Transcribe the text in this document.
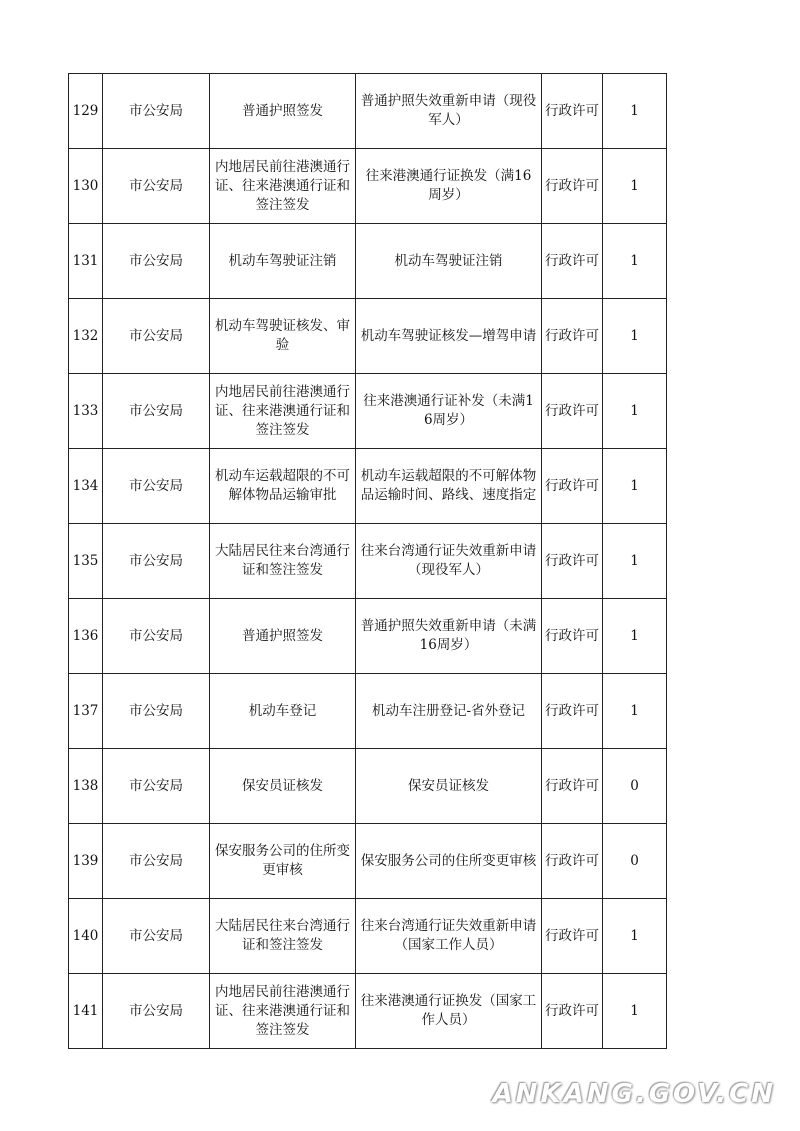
129	市公安局	普通护照签发	普通护照失效重新申请（现役军人）	行政许可	1
130	市公安局	内地居民前往港澳通行证、往来港澳通行证和签注签发	往来港澳通行证换发（满16周岁）	行政许可	1
131	市公安局	机动车驾驶证注销	机动车驾驶证注销	行政许可	1
132	市公安局	机动车驾驶证核发、审验	机动车驾驶证核发—增驾申请	行政许可	1
133	市公安局	内地居民前往港澳通行证、往来港澳通行证和签注签发	往来港澳通行证补发（未满16周岁）	行政许可	1
134	市公安局	机动车运载超限的不可解体物品运输审批	机动车运载超限的不可解体物品运输时间、路线、速度指定	行政许可	1
135	市公安局	大陆居民往来台湾通行证和签注签发	往来台湾通行证失效重新申请（现役军人）	行政许可	1
136	市公安局	普通护照签发	普通护照失效重新申请（未满16周岁）	行政许可	1
137	市公安局	机动车登记	机动车注册登记-省外登记	行政许可	1
138	市公安局	保安员证核发	保安员证核发	行政许可	0
139	市公安局	保安服务公司的住所变更审核	保安服务公司的住所变更审核	行政许可	0
140	市公安局	大陆居民往来台湾通行证和签注签发	往来台湾通行证失效重新申请（国家工作人员）	行政许可	1
141	市公安局	内地居民前往港澳通行证、往来港澳通行证和签注签发	往来港澳通行证换发（国家工作人员）	行政许可	1
ANKANG.GOV.CN
